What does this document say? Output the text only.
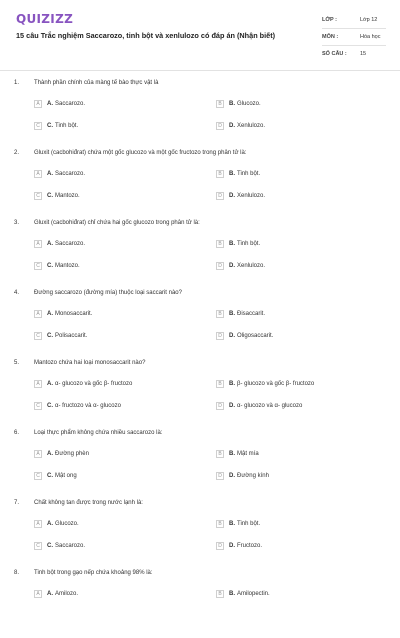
QUIZIZZ
15 câu Trắc nghiệm Saccarozo, tinh bột và xenlulozo có đáp án (Nhận biết)
LỚP :	Lớp 12
MÔN :	Hóa học
SỐ CÂU :	15
1. Thành phần chính của màng tế bào thực vật là
A	A. Saccarozo.	B	B. Glucozo.
C	C. Tinh bột.	D	D. Xenlulozo.
2. Gluxit (cacbohiđrat) chứa một gốc glucozo và một gốc fructozo trong phân tử là:
A	A. Saccarozo.	B	B. Tinh bột.
C	C. Mantozo.	D	D. Xenlulozo.
3. Gluxit (cacbohiđrat) chỉ chứa hai gốc glucozo trong phân tử là:
A	A. Saccarozo.	B	B. Tinh bột.
C	C. Mantozo.	D	D. Xenlulozo.
4. Đường saccarozo (đường mía) thuộc loại saccarit nào?
A	A. Monosaccarit.	B	B. Đisaccarit.
C	C. Polisaccarit.	D	D. Oligosaccarit.
5. Mantozo chứa hai loại monosaccarit nào?
A	A. α- glucozo và gốc β- fructozo	B	B. β- glucozo và gốc β- fructozo
C	C. α- fructozo và α- glucozo	D	D. α- glucozo và α- glucozo
6. Loại thực phẩm không chứa nhiều saccarozo là:
A	A. Đường phèn	B	B. Mật mía
C	C. Mật ong	D	D. Đường kính
7. Chất không tan được trong nước lạnh là:
A	A. Glucozo.	B	B. Tinh bột.
C	C. Saccarozo.	D	D. Fructozo.
8. Tinh bột trong gạo nếp chứa khoảng 98% là:
A	A. Amilozo.	B	B. Amilopectin.
